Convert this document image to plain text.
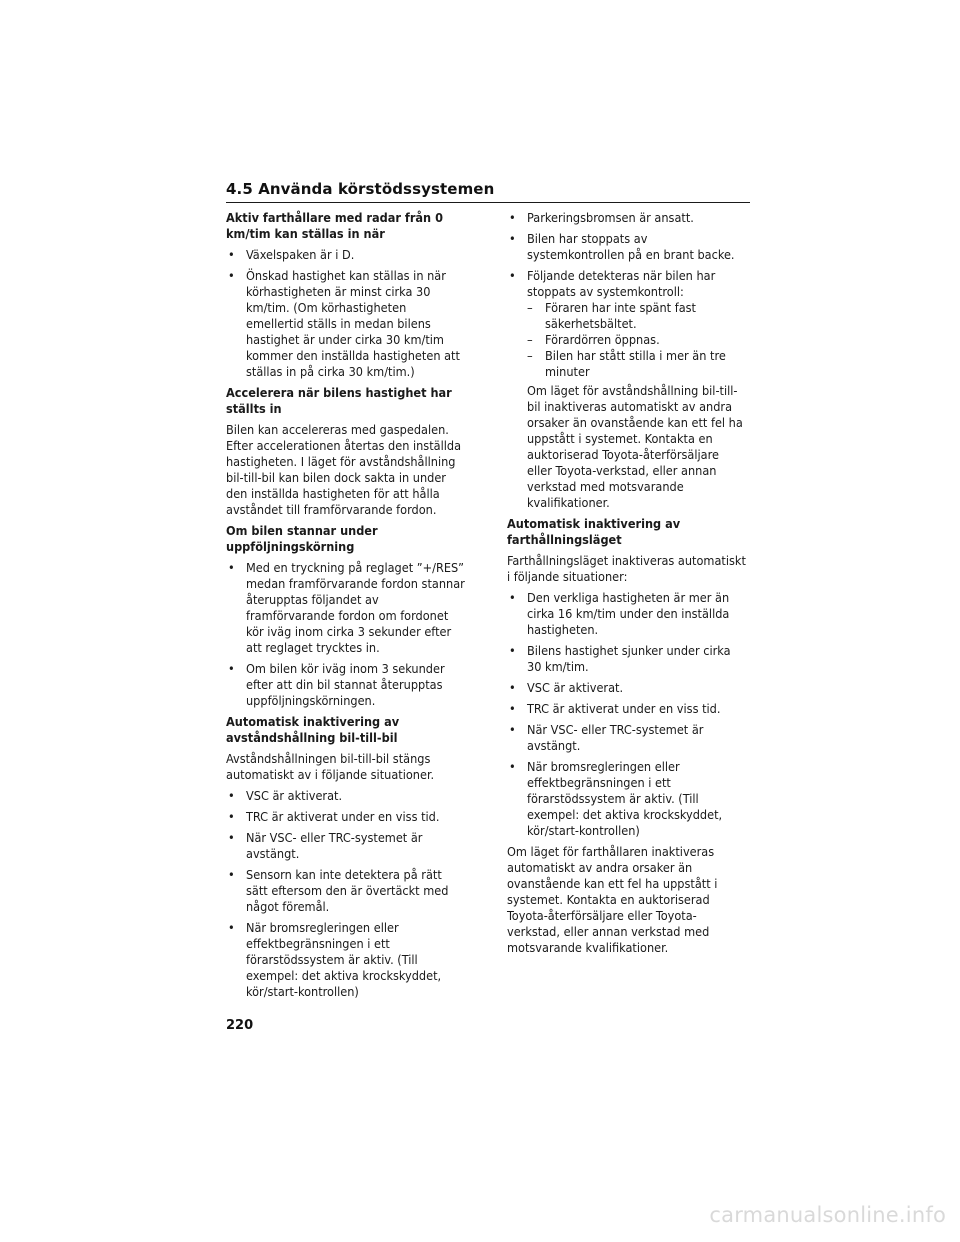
4.5 Använda körstödssystemen
Aktiv farthållare med radar från 0 km/tim kan ställas in när
• Växelspaken är i D.
• Önskad hastighet kan ställas in när körhastigheten är minst cirka 30 km/tim. (Om körhastigheten emellertid ställs in medan bilens hastighet är under cirka 30 km/tim kommer den inställda hastigheten att ställas in på cirka 30 km/tim.)
Accelerera när bilens hastighet har ställts in
Bilen kan accelereras med gaspedalen. Efter accelerationen återtas den inställda hastigheten. I läget för avståndshållning bil-till-bil kan bilen dock sakta in under den inställda hastigheten för att hålla avståndet till framförvarande fordon.
Om bilen stannar under uppföljningskörning
• Med en tryckning på reglaget ”+/RES” medan framförvarande fordon stannar återupptas följandet av framförvarande fordon om fordonet kör iväg inom cirka 3 sekunder efter att reglaget trycktes in.
• Om bilen kör iväg inom 3 sekunder efter att din bil stannat återupptas uppföljningskörningen.
Automatisk inaktivering av avståndshållning bil-till-bil
Avståndshållningen bil-till-bil stängs automatiskt av i följande situationer.
• VSC är aktiverat.
• TRC är aktiverat under en viss tid.
• När VSC- eller TRC-systemet är avstängt.
• Sensorn kan inte detektera på rätt sätt eftersom den är övertäckt med något föremål.
• När bromsregleringen eller effektbegränsningen i ett förarstödssystem är aktiv. (Till exempel: det aktiva krockskyddet, kör/start-kontrollen)
• Parkeringsbromsen är ansatt.
• Bilen har stoppats av systemkontrollen på en brant backe.
• Följande detekteras när bilen har stoppats av systemkontroll:
– Föraren har inte spänt fast säkerhetsbältet.
– Förardörren öppnas.
– Bilen har stått stilla i mer än tre minuter
Om läget för avståndshållning bil-till-bil inaktiveras automatiskt av andra orsaker än ovanstående kan ett fel ha uppstått i systemet. Kontakta en auktoriserad Toyota-återförsäljare eller Toyota-verkstad, eller annan verkstad med motsvarande kvalifikationer.
Automatisk inaktivering av farthållningsläget
Farthållningsläget inaktiveras automatiskt i följande situationer:
• Den verkliga hastigheten är mer än cirka 16 km/tim under den inställda hastigheten.
• Bilens hastighet sjunker under cirka 30 km/tim.
• VSC är aktiverat.
• TRC är aktiverat under en viss tid.
• När VSC- eller TRC-systemet är avstängt.
• När bromsregleringen eller effektbegränsningen i ett förarstödssystem är aktiv. (Till exempel: det aktiva krockskyddet, kör/start-kontrollen)
Om läget för farthållaren inaktiveras automatiskt av andra orsaker än ovanstående kan ett fel ha uppstått i systemet. Kontakta en auktoriserad Toyota-återförsäljare eller Toyota-verkstad, eller annan verkstad med motsvarande kvalifikationer.
220
carmanualsonline.info
